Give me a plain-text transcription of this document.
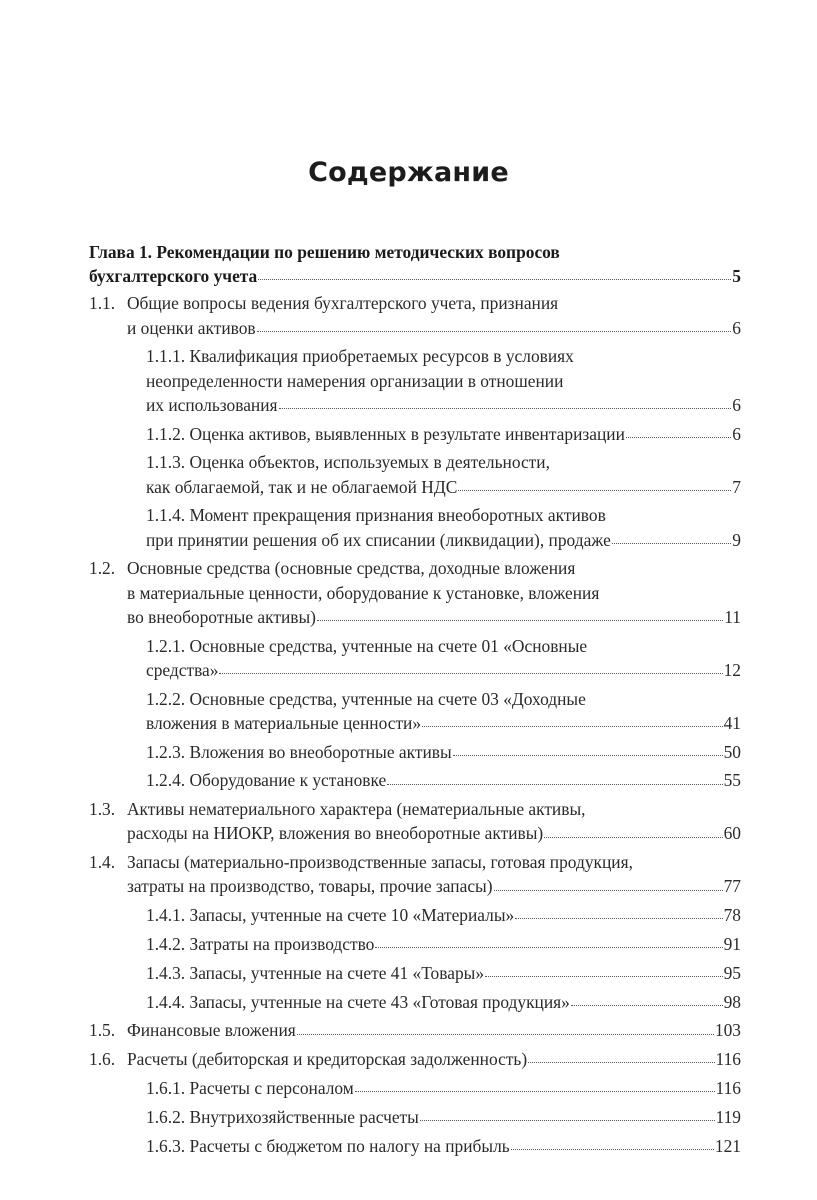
Содержание
Глава 1. Рекомендации по решению методических вопросов
бухгалтерского учета	5
1.1. Общие вопросы ведения бухгалтерского учета, признания
и оценки активов	6
1.1.1. Квалификация приобретаемых ресурсов в условиях
неопределенности намерения организации в отношении
их использования	6
1.1.2. Оценка активов, выявленных в результате инвентаризации	6
1.1.3. Оценка объектов, используемых в деятельности,
как облагаемой, так и не облагаемой НДС	7
1.1.4. Момент прекращения признания внеоборотных активов
при принятии решения об их списании (ликвидации), продаже	9
1.2. Основные средства (основные средства, доходные вложения
в материальные ценности, оборудование к установке, вложения
во внеоборотные активы)	11
1.2.1. Основные средства, учтенные на счете 01 «Основные
средства»	12
1.2.2. Основные средства, учтенные на счете 03 «Доходные
вложения в материальные ценности»	41
1.2.3. Вложения во внеоборотные активы	50
1.2.4. Оборудование к установке	55
1.3. Активы нематериального характера (нематериальные активы,
расходы на НИОКР, вложения во внеоборотные активы)	60
1.4. Запасы (материально-производственные запасы, готовая продукция,
затраты на производство, товары, прочие запасы)	77
1.4.1. Запасы, учтенные на счете 10 «Материалы»	78
1.4.2. Затраты на производство	91
1.4.3. Запасы, учтенные на счете 41 «Товары»	95
1.4.4. Запасы, учтенные на счете 43 «Готовая продукция»	98
1.5. Финансовые вложения	103
1.6. Расчеты (дебиторская и кредиторская задолженность)	116
1.6.1. Расчеты с персоналом	116
1.6.2. Внутрихозяйственные расчеты	119
1.6.3. Расчеты с бюджетом по налогу на прибыль	121
